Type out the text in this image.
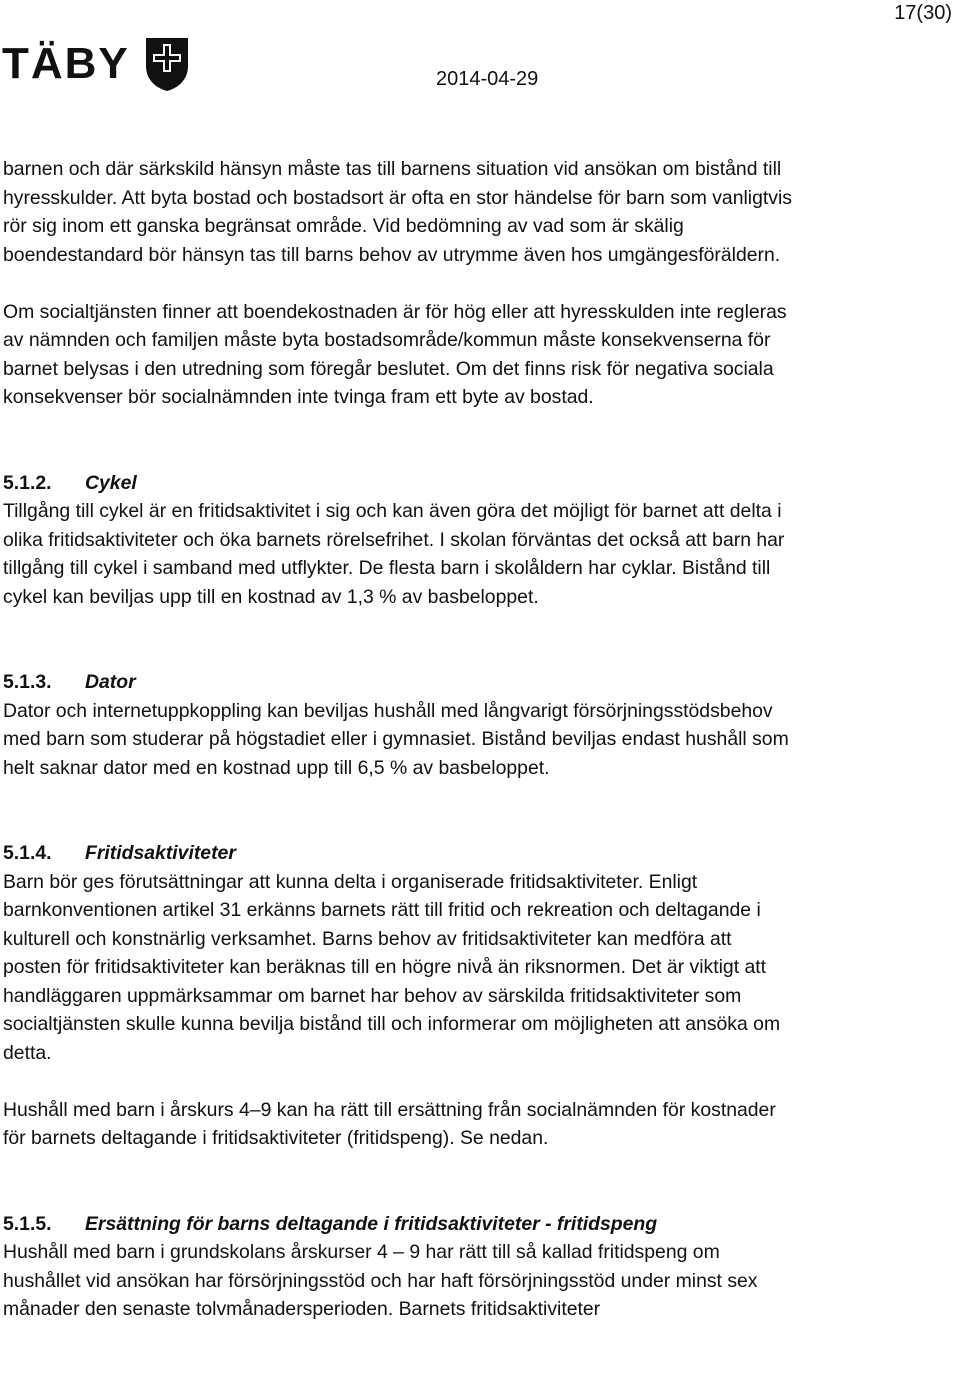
17(30)
TÄBY	2014-04-29

barnen och där särkskild hänsyn måste tas till barnens situation vid ansökan om bistånd till hyresskulder. Att byta bostad och bostadsort är ofta en stor händelse för barn som vanligtvis rör sig inom ett ganska begränsat område. Vid bedömning av vad som är skälig boendestandard bör hänsyn tas till barns behov av utrymme även hos umgängesföräldern.

Om socialtjänsten finner att boendekostnaden är för hög eller att hyresskulden inte regleras av nämnden och familjen måste byta bostadsområde/kommun måste konsekvenserna för barnet belysas i den utredning som föregår beslutet. Om det finns risk för negativa sociala konsekvenser bör socialnämnden inte tvinga fram ett byte av bostad.

5.1.2. Cykel

Tillgång till cykel är en fritidsaktivitet i sig och kan även göra det möjligt för barnet att delta i olika fritidsaktiviteter och öka barnets rörelsefrihet. I skolan förväntas det också att barn har tillgång till cykel i samband med utflykter. De flesta barn i skolåldern har cyklar. Bistånd till cykel kan beviljas upp till en kostnad av 1,3 % av basbeloppet.

5.1.3. Dator

Dator och internetuppkoppling kan beviljas hushåll med långvarigt försörjningsstödsbehov med barn som studerar på högstadiet eller i gymnasiet. Bistånd beviljas endast hushåll som helt saknar dator med en kostnad upp till 6,5 % av basbeloppet.

5.1.4. Fritidsaktiviteter

Barn bör ges förutsättningar att kunna delta i organiserade fritidsaktiviteter. Enligt barnkonventionen artikel 31 erkänns barnets rätt till fritid och rekreation och deltagande i kulturell och konstnärlig verksamhet. Barns behov av fritidsaktiviteter kan medföra att posten för fritidsaktiviteter kan beräknas till en högre nivå än riksnormen. Det är viktigt att handläggaren uppmärksammar om barnet har behov av särskilda fritidsaktiviteter som socialtjänsten skulle kunna bevilja bistånd till och informerar om möjligheten att ansöka om detta.

Hushåll med barn i årskurs 4–9 kan ha rätt till ersättning från socialnämnden för kostnader för barnets deltagande i fritidsaktiviteter (fritidspeng). Se nedan.

5.1.5. Ersättning för barns deltagande i fritidsaktiviteter - fritidspeng

Hushåll med barn i grundskolans årskurser 4 – 9 har rätt till så kallad fritidspeng om hushållet vid ansökan har försörjningsstöd och har haft försörjningsstöd under minst sex månader den senaste tolvmånadersperioden. Barnets fritidsaktiviteter
